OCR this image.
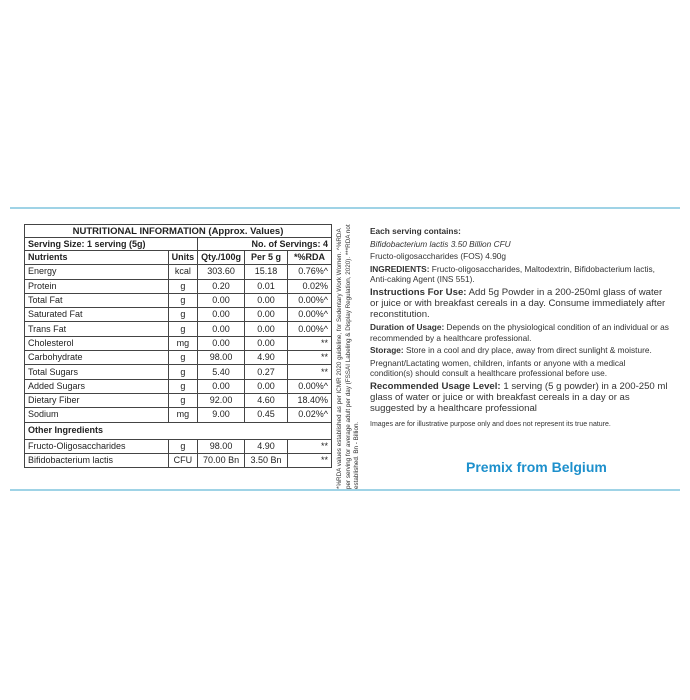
NUTRITIONAL INFORMATION (Approx. Values)				
Serving Size: 1 serving (5g)		No. of Servings: 4		
Nutrients	Units	Qty./100g	Per 5 g	*%RDA
Energy	kcal	303.60	15.18	0.76%^
Protein	g	0.20	0.01	0.02%
Total Fat	g	0.00	0.00	0.00%^
Saturated Fat	g	0.00	0.00	0.00%^
Trans Fat	g	0.00	0.00	0.00%^
Cholesterol	mg	0.00	0.00	**
Carbohydrate	g	98.00	4.90	**
Total Sugars	g	5.40	0.27	**
Added Sugars	g	0.00	0.00	0.00%^
Dietary Fiber	g	92.00	4.60	18.40%
Sodium	mg	9.00	0.45	0.02%^
Other Ingredients				
Fructo-Oligosaccharides	g	98.00	4.90	**
Bifidobacterium lactis	CFU	70.00 Bn	3.50 Bn	** *%RDA values established as per ICMR 2020 guideline, for Sedentary Work Women. ^%RDA per serving for average adult per day (FSSAI Labeling & Display Regulation, 2020). ***RDA not established. Bn - Billion.

Each serving contains:

Bifidobacterium lactis 3.50 Billion CFU

Fructo-oligosaccharides (FOS) 4.90g

INGREDIENTS: Fructo-oligosaccharides, Maltodextrin, Bifidobacterium lactis, Anti-caking Agent (INS 551).

Instructions For Use: Add 5g Powder in a 200-250ml glass of water or juice or with breakfast cereals in a day. Consume immediately after reconstitution.

Duration of Usage: Depends on the physiological condition of an individual or as recommended by a healthcare professional.

Storage: Store in a cool and dry place, away from direct sunlight & moisture.

Pregnant/Lactating women, children, infants or anyone with a medical condition(s) should consult a healthcare professional before use.

Recommended Usage Level: 1 serving (5 g powder) in a 200-250 ml glass of water or juice or with breakfast cereals in a day or as suggested by a healthcare professional

Images are for illustrative purpose only and does not represent its true nature.

Premix from Belgium
